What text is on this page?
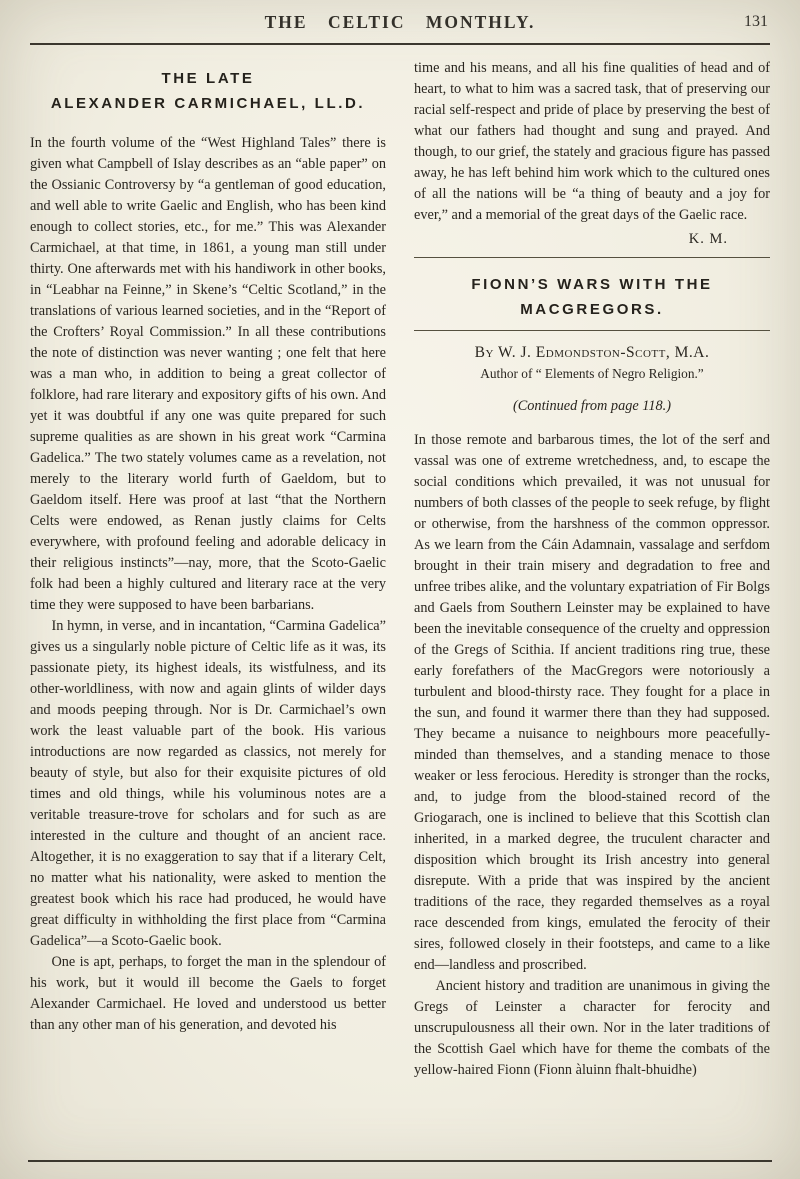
THE CELTIC MONTHLY.	131
THE LATE
ALEXANDER CARMICHAEL, LL.D.

In the fourth volume of the “West Highland Tales” there is given what Campbell of Islay describes as an “able paper” on the Ossianic Controversy by “a gentleman of good education, and well able to write Gaelic and English, who has been kind enough to collect stories, etc., for me.” This was Alexander Carmichael, at that time, in 1861, a young man still under thirty. One afterwards met with his handiwork in other books, in “Leabhar na Feinne,” in Skene’s “Celtic Scotland,” in the translations of various learned societies, and in the “Report of the Crofters’ Royal Commission.” In all these contributions the note of distinction was never wanting ; one felt that here was a man who, in addition to being a great collector of folklore, had rare literary and expository gifts of his own. And yet it was doubtful if any one was quite prepared for such supreme qualities as are shown in his great work “Carmina Gadelica.” The two stately volumes came as a revelation, not merely to the literary world furth of Gaeldom, but to Gaeldom itself. Here was proof at last “that the Northern Celts were endowed, as Renan justly claims for Celts everywhere, with profound feeling and adorable delicacy in their religious instincts”—nay, more, that the Scoto-Gaelic folk had been a highly cultured and literary race at the very time they were supposed to have been barbarians.

In hymn, in verse, and in incantation, “Carmina Gadelica” gives us a singularly noble picture of Celtic life as it was, its passionate piety, its highest ideals, its wistfulness, and its other-worldliness, with now and again glints of wilder days and moods peeping through. Nor is Dr. Carmichael’s own work the least valuable part of the book. His various introductions are now regarded as classics, not merely for beauty of style, but also for their exquisite pictures of old times and old things, while his voluminous notes are a veritable treasure-trove for scholars and for such as are interested in the culture and thought of an ancient race. Altogether, it is no exaggeration to say that if a literary Celt, no matter what his nationality, were asked to mention the greatest book which his race had produced, he would have great difficulty in withholding the first place from “Carmina Gadelica”—a Scoto-Gaelic book.

One is apt, perhaps, to forget the man in the splendour of his work, but it would ill become the Gaels to forget Alexander Carmichael. He loved and understood us better than any other man of his generation, and devoted his

time and his means, and all his fine qualities of head and of heart, to what to him was a sacred task, that of preserving our racial self-respect and pride of place by preserving the best of what our fathers had thought and sung and prayed. And though, to our grief, the stately and gracious figure has passed away, he has left behind him work which to the cultured ones of all the nations will be “a thing of beauty and a joy for ever,” and a memorial of the great days of the Gaelic race.

K. M.

FIONN’S WARS WITH THE
MACGREGORS.

By W. J. Edmondston-Scott, M.A.

Author of “ Elements of Negro Religion.”

(Continued from page 118.)

In those remote and barbarous times, the lot of the serf and vassal was one of extreme wretchedness, and, to escape the social conditions which prevailed, it was not unusual for numbers of both classes of the people to seek refuge, by flight or otherwise, from the harshness of the common oppressor. As we learn from the Cáin Adamnain, vassalage and serfdom brought in their train misery and degradation to free and unfree tribes alike, and the voluntary expatriation of Fir Bolgs and Gaels from Southern Leinster may be explained to have been the inevitable consequence of the cruelty and oppression of the Gregs of Scithia. If ancient traditions ring true, these early forefathers of the MacGregors were notoriously a turbulent and blood-thirsty race. They fought for a place in the sun, and found it warmer there than they had supposed. They became a nuisance to neighbours more peacefully-minded than themselves, and a standing menace to those weaker or less ferocious. Heredity is stronger than the rocks, and, to judge from the blood-stained record of the Griogarach, one is inclined to believe that this Scottish clan inherited, in a marked degree, the truculent character and disposition which brought its Irish ancestry into general disrepute. With a pride that was inspired by the ancient traditions of the race, they regarded themselves as a royal race descended from kings, emulated the ferocity of their sires, followed closely in their footsteps, and came to a like end—landless and proscribed.

Ancient history and tradition are unanimous in giving the Gregs of Leinster a character for ferocity and unscrupulousness all their own. Nor in the later traditions of the Scottish Gael which have for theme the combats of the yellow-haired Fionn (Fionn àluinn fhalt-bhuidhe)
